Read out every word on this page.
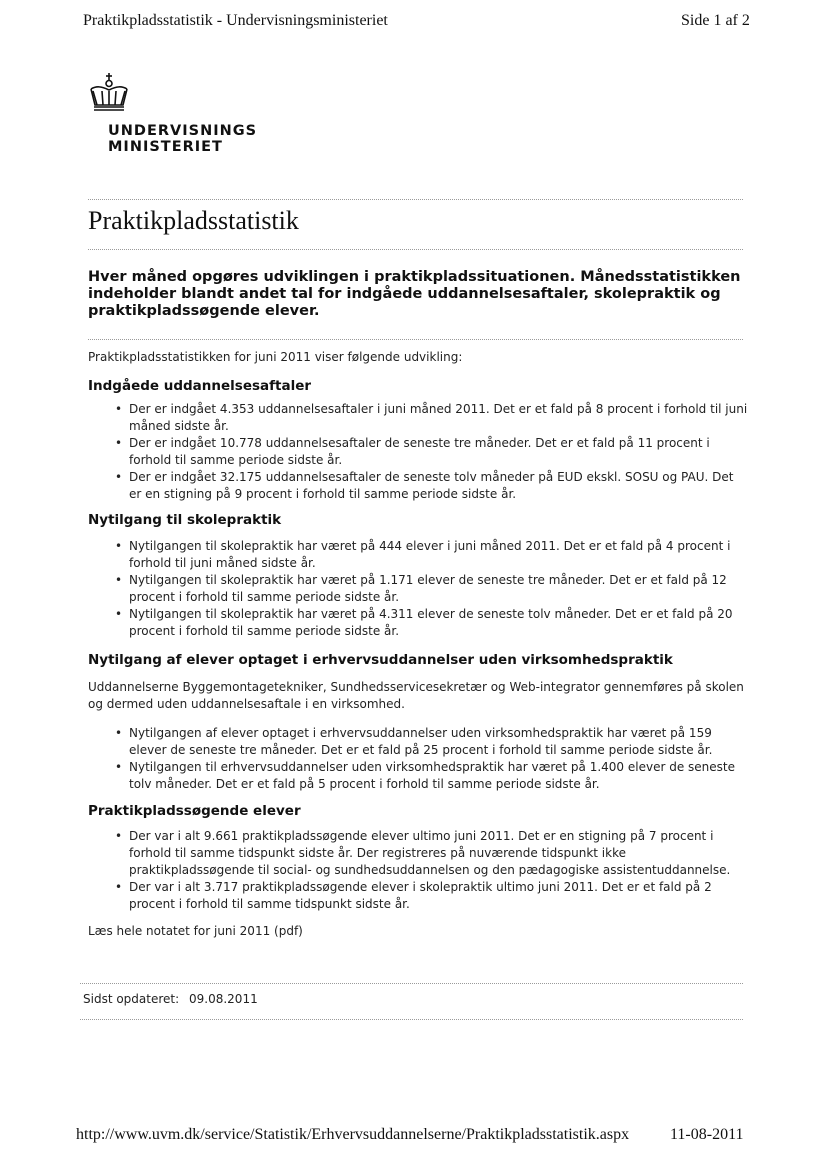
Praktikpladsstatistik - Undervisningsministeriet	Side 1 af 2
UNDERVISNINGS
MINISTERIET
Praktikpladsstatistik

Hver måned opgøres udviklingen i praktikpladssituationen. Månedsstatistikken indeholder blandt andet tal for indgåede uddannelsesaftaler, skolepraktik og praktikpladssøgende elever.

Praktikpladsstatistikken for juni 2011 viser følgende udvikling:

Indgåede uddannelsesaftaler
• Der er indgået 4.353 uddannelsesaftaler i juni måned 2011. Det er et fald på 8 procent i forhold til juni måned sidste år.
• Der er indgået 10.778 uddannelsesaftaler de seneste tre måneder. Det er et fald på 11 procent i forhold til samme periode sidste år.
• Der er indgået 32.175 uddannelsesaftaler de seneste tolv måneder på EUD ekskl. SOSU og PAU. Det er en stigning på 9 procent i forhold til samme periode sidste år.
Nytilgang til skolepraktik
• Nytilgangen til skolepraktik har været på 444 elever i juni måned 2011. Det er et fald på 4 procent i forhold til juni måned sidste år.
• Nytilgangen til skolepraktik har været på 1.171 elever de seneste tre måneder. Det er et fald på 12 procent i forhold til samme periode sidste år.
• Nytilgangen til skolepraktik har været på 4.311 elever de seneste tolv måneder. Det er et fald på 20 procent i forhold til samme periode sidste år.
Nytilgang af elever optaget i erhvervsuddannelser uden virksomhedspraktik

Uddannelserne Byggemontagetekniker, Sundhedsservicesekretær og Web-integrator gennemføres på skolen og dermed uden uddannelsesaftale i en virksomhed.

• Nytilgangen af elever optaget i erhvervsuddannelser uden virksomhedspraktik har været på 159 elever de seneste tre måneder. Det er et fald på 25 procent i forhold til samme periode sidste år.
• Nytilgangen til erhvervsuddannelser uden virksomhedspraktik har været på 1.400 elever de seneste tolv måneder. Det er et fald på 5 procent i forhold til samme periode sidste år.
Praktikpladssøgende elever
• Der var i alt 9.661 praktikpladssøgende elever ultimo juni 2011. Det er en stigning på 7 procent i forhold til samme tidspunkt sidste år. Der registreres på nuværende tidspunkt ikke praktikpladssøgende til social- og sundhedsuddannelsen og den pædagogiske assistentuddannelse.
• Der var i alt 3.717 praktikpladssøgende elever i skolepraktik ultimo juni 2011. Det er et fald på 2 procent i forhold til samme tidspunkt sidste år.

Læs hele notatet for juni 2011 (pdf)

Sidst opdateret: 09.08.2011
http://www.uvm.dk/service/Statistik/Erhvervsuddannelserne/Praktikpladsstatistik.aspx	11-08-2011
